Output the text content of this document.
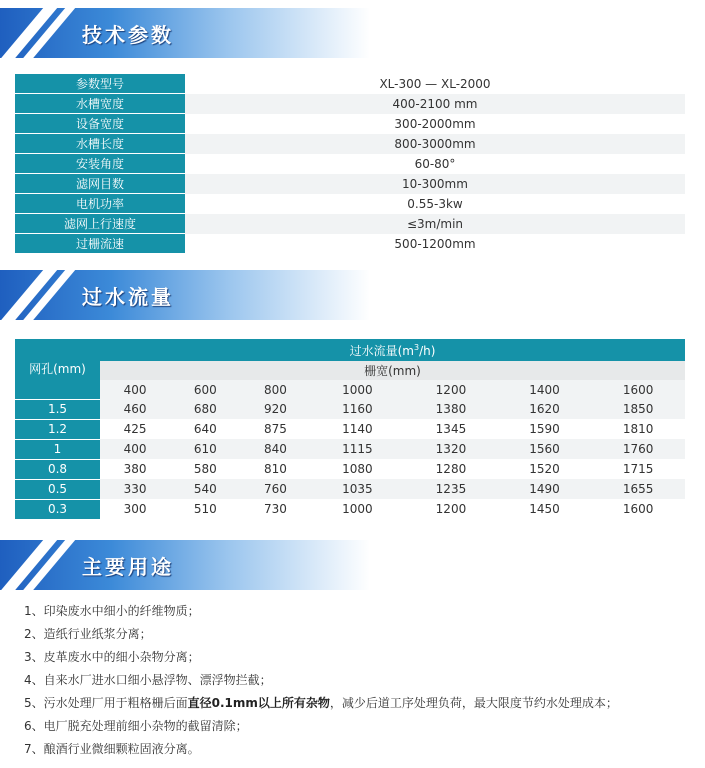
技术参数
参数型号	XL-300 — XL-2000
水槽宽度	400-2100 mm
设备宽度	300-2000mm
水槽长度	800-3000mm
安装角度	60-80°
滤网目数	10-300mm
电机功率	0.55-3kw
滤网上行速度	≤3m/min
过栅流速	500-1200mm
过水流量
网孔(mm)	过水流量$(m^3/h)$						
	栅宽(mm)						
	400	600	800	1000	1200	1400	1600
1.5	460	680	920	1160	1380	1620	1850
1.2	425	640	875	1140	1345	1590	1810
1	400	610	840	1115	1320	1560	1760
0.8	380	580	810	1080	1280	1520	1715
0.5	330	540	760	1035	1235	1490	1655
0.3	300	510	730	1000	1200	1450	1600
主要用途
1、印染废水中细小的纤维物质；
2、造纸行业纸浆分离；
3、皮革废水中的细小杂物分离；
4、自来水厂进水口细小悬浮物、漂浮物拦截；
5、污水处理厂用于粗格栅后面直径0.1mm以上所有杂物，减少后道工序处理负荷，最大限度节约水处理成本；
6、电厂脱充处理前细小杂物的截留清除；
7、酿酒行业微细颗粒固液分离。
